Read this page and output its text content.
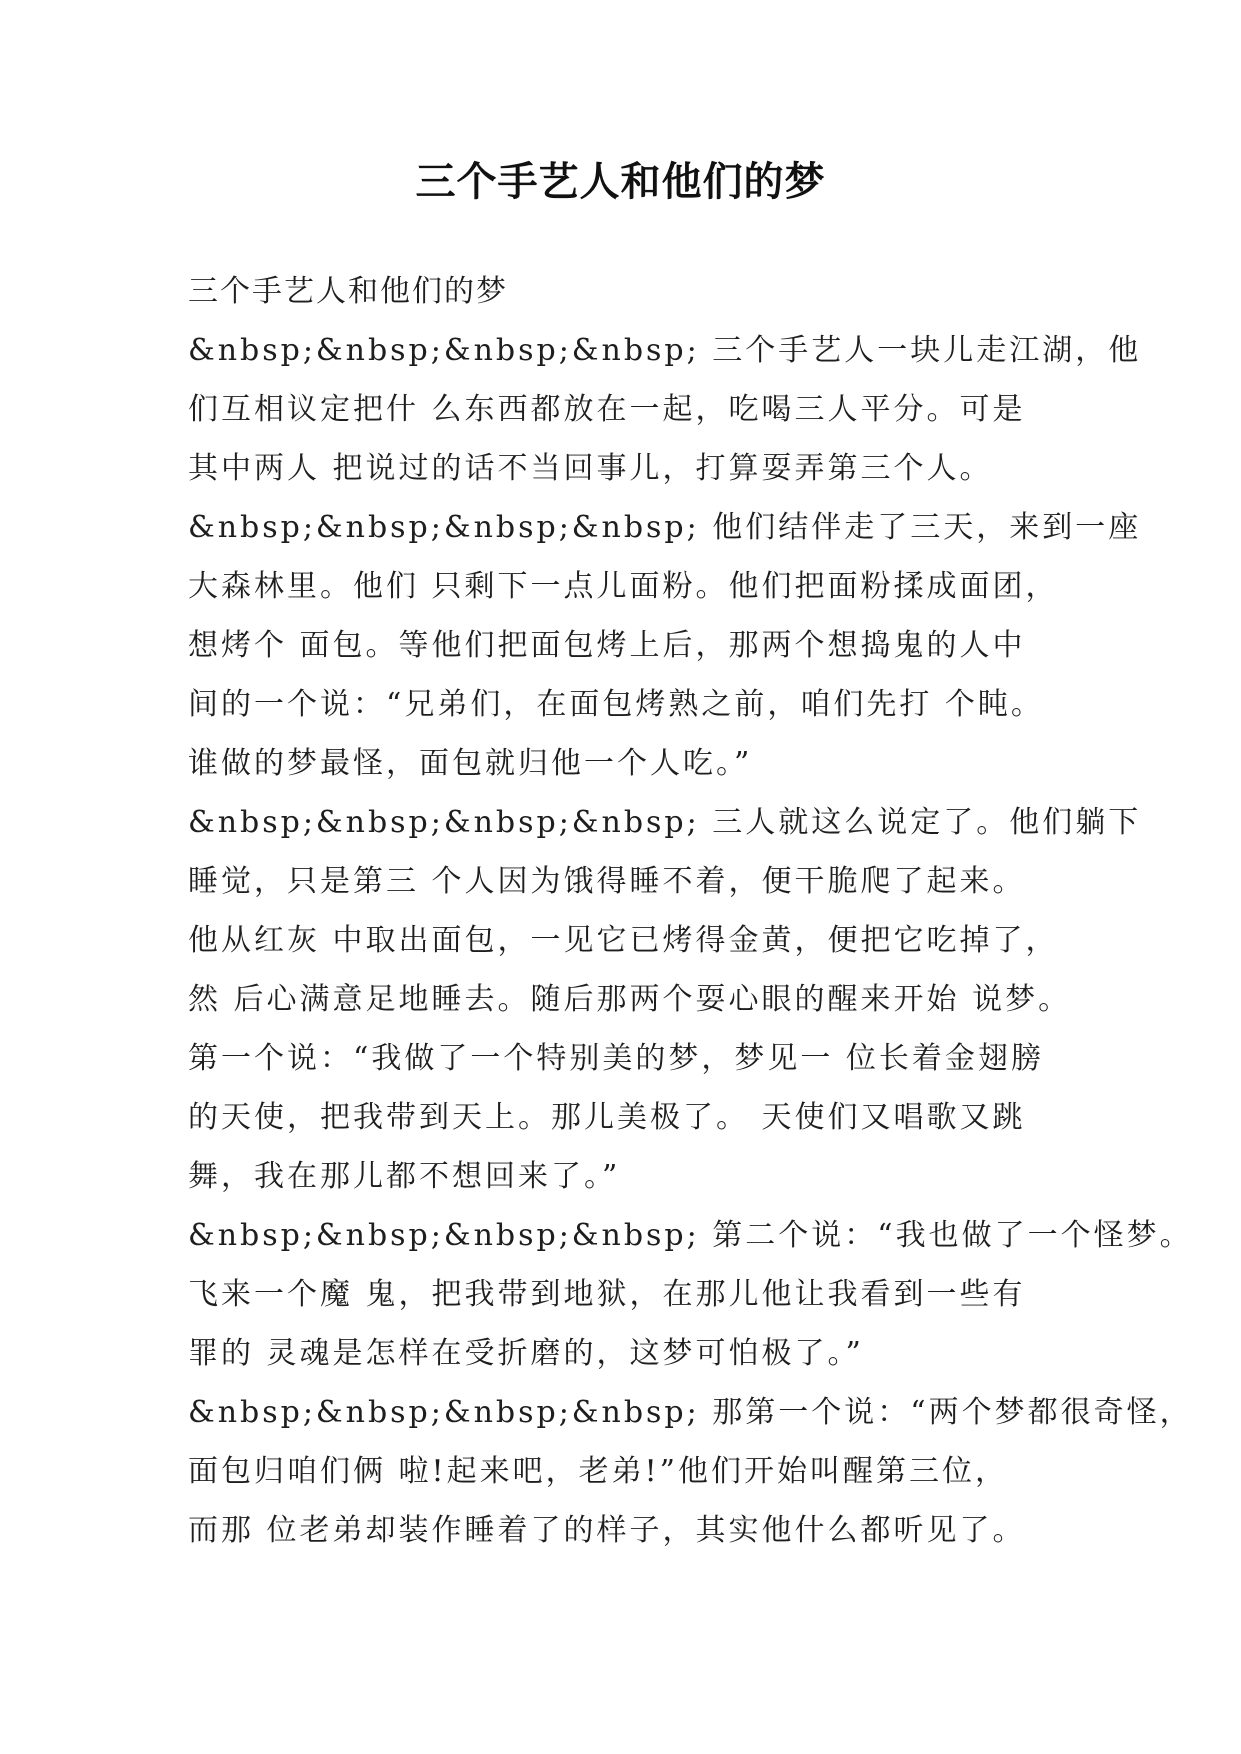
三个手艺人和他们的梦
三个手艺人和他们的梦
&nbsp;&nbsp;&nbsp;&nbsp; 三个手艺人一块儿走江湖，他
们互相议定把什 么东西都放在一起，吃喝三人平分。可是
其中两人 把说过的话不当回事儿，打算耍弄第三个人。
&nbsp;&nbsp;&nbsp;&nbsp; 他们结伴走了三天，来到一座
大森林里。他们 只剩下一点儿面粉。他们把面粉揉成面团，
想烤个 面包。等他们把面包烤上后，那两个想捣鬼的人中
间的一个说：“兄弟们，在面包烤熟之前，咱们先打 个盹。
谁做的梦最怪，面包就归他一个人吃。”
&nbsp;&nbsp;&nbsp;&nbsp; 三人就这么说定了。他们躺下
睡觉，只是第三 个人因为饿得睡不着，便干脆爬了起来。
他从红灰 中取出面包，一见它已烤得金黄，便把它吃掉了，
然 后心满意足地睡去。随后那两个耍心眼的醒来开始 说梦。
第一个说：“我做了一个特别美的梦，梦见一 位长着金翅膀
的天使，把我带到天上。那儿美极了。 天使们又唱歌又跳
舞，我在那儿都不想回来了。”
&nbsp;&nbsp;&nbsp;&nbsp; 第二个说：“我也做了一个怪梦。
飞来一个魔 鬼，把我带到地狱，在那儿他让我看到一些有
罪的 灵魂是怎样在受折磨的，这梦可怕极了。”
&nbsp;&nbsp;&nbsp;&nbsp; 那第一个说：“两个梦都很奇怪，
面包归咱们俩 啦!起来吧，老弟!”他们开始叫醒第三位，
而那 位老弟却装作睡着了的样子，其实他什么都听见了。
